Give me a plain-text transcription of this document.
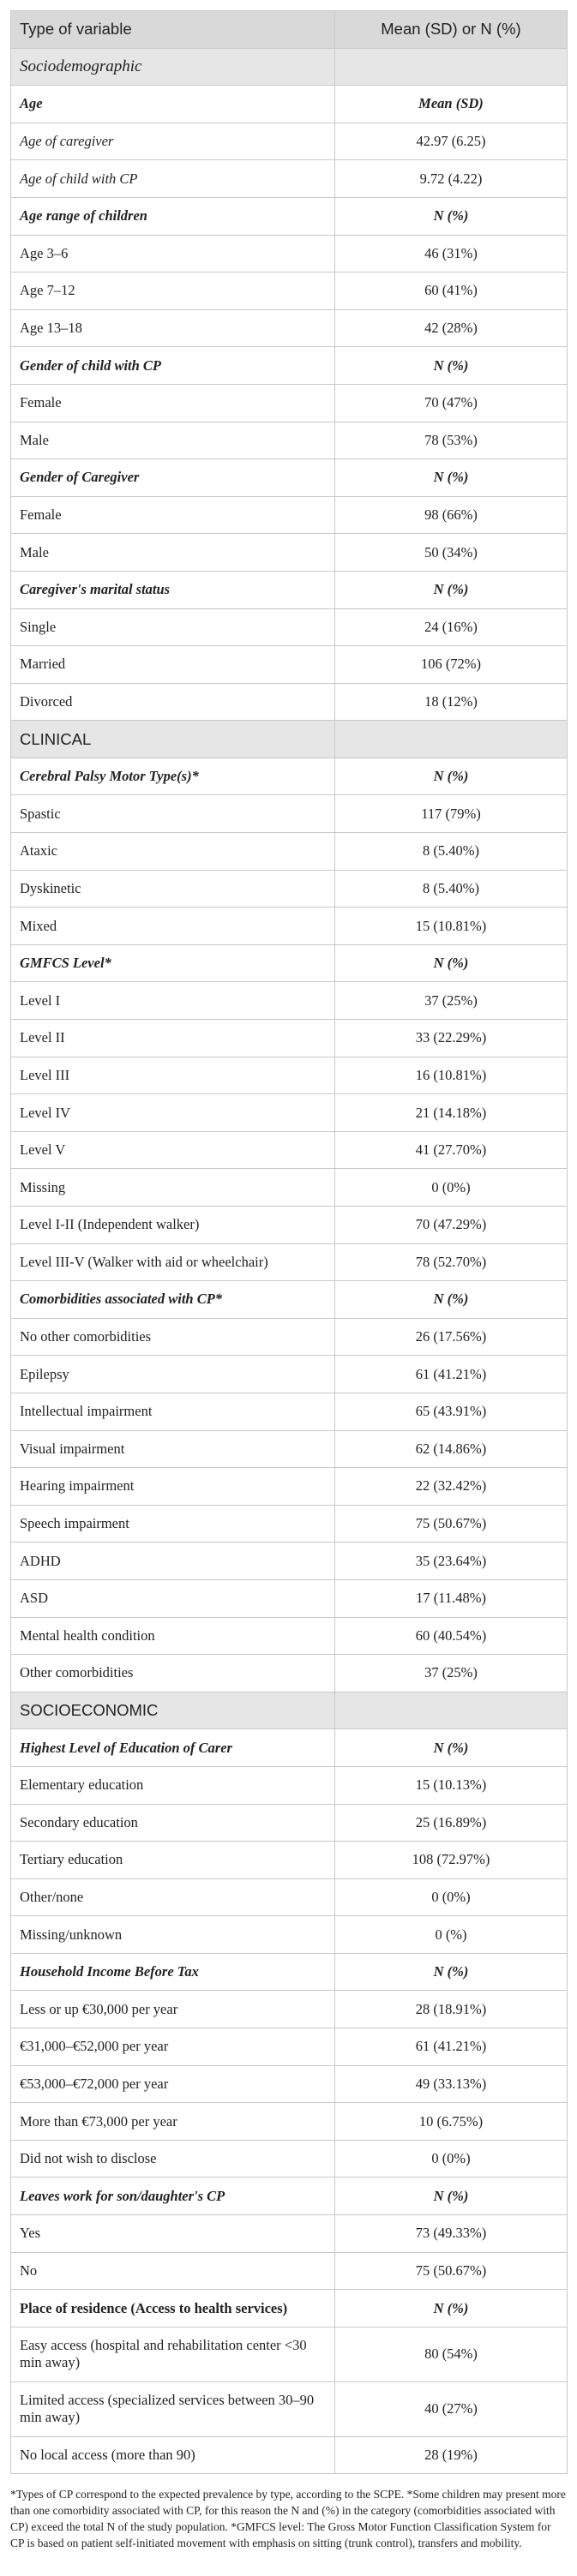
Type of variable	Mean (SD) or N (%)
Sociodemographic	
Age	Mean (SD)
Age of caregiver	42.97 (6.25)
Age of child with CP	9.72 (4.22)
Age range of children	N (%)
Age 3–6	46 (31%)
Age 7–12	60 (41%)
Age 13–18	42 (28%)
Gender of child with CP	N (%)
Female	70 (47%)
Male	78 (53%)
Gender of Caregiver	N (%)
Female	98 (66%)
Male	50 (34%)
Caregiver's marital status	N (%)
Single	24 (16%)
Married	106 (72%)
Divorced	18 (12%)
CLINICAL	
Cerebral Palsy Motor Type(s)*	N (%)
Spastic	117 (79%)
Ataxic	8 (5.40%)
Dyskinetic	8 (5.40%)
Mixed	15 (10.81%)
GMFCS Level*	N (%)
Level I	37 (25%)
Level II	33 (22.29%)
Level III	16 (10.81%)
Level IV	21 (14.18%)
Level V	41 (27.70%)
Missing	0 (0%)
Level I-II (Independent walker)	70 (47.29%)
Level III-V (Walker with aid or wheelchair)	78 (52.70%)
Comorbidities associated with CP*	N (%)
No other comorbidities	26 (17.56%)
Epilepsy	61 (41.21%)
Intellectual impairment	65 (43.91%)
Visual impairment	62 (14.86%)
Hearing impairment	22 (32.42%)
Speech impairment	75 (50.67%)
ADHD	35 (23.64%)
ASD	17 (11.48%)
Mental health condition	60 (40.54%)
Other comorbidities	37 (25%)
SOCIOECONOMIC	
Highest Level of Education of Carer	N (%)
Elementary education	15 (10.13%)
Secondary education	25 (16.89%)
Tertiary education	108 (72.97%)
Other/none	0 (0%)
Missing/unknown	0 (%)
Household Income Before Tax	N (%)
Less or up €30,000 per year	28 (18.91%)
€31,000–€52,000 per year	61 (41.21%)
€53,000–€72,000 per year	49 (33.13%)
More than €73,000 per year	10 (6.75%)
Did not wish to disclose	0 (0%)
Leaves work for son/daughter's CP	N (%)
Yes	73 (49.33%)
No	75 (50.67%)
Place of residence (Access to health services)	N (%)
Easy access (hospital and rehabilitation center <30 min away)	80 (54%)
Limited access (specialized services between 30–90 min away)	40 (27%)
No local access (more than 90)	28 (19%)
*Types of CP correspond to the expected prevalence by type, according to the SCPE. *Some children may present more than one comorbidity associated with CP, for this reason the N and (%) in the category (comorbidities associated with CP) exceed the total N of the study population. *GMFCS level: The Gross Motor Function Classification System for CP is based on patient self-initiated movement with emphasis on sitting (trunk control), transfers and mobility.
